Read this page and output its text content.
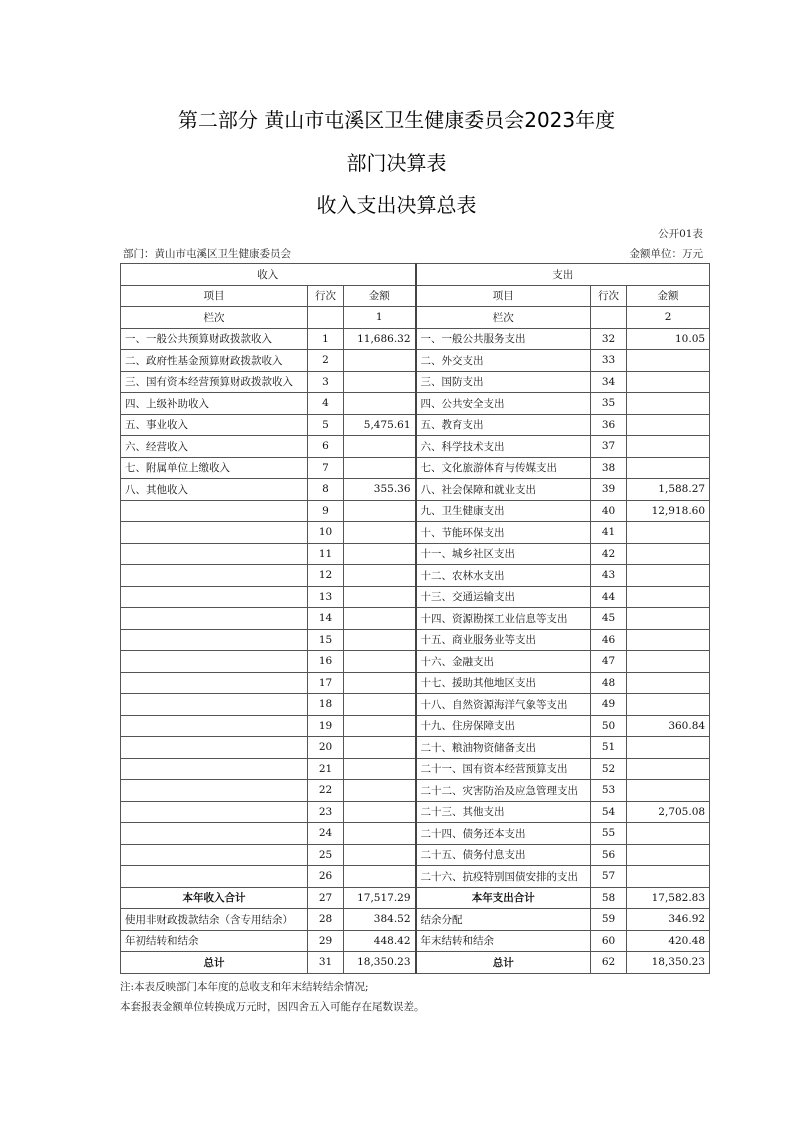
第二部分 黄山市屯溪区卫生健康委员会2023年度
部门决算表
收入支出决算总表
公开01表
部门：黄山市屯溪区卫生健康委员会	金额单位：万元
收入			支出		
项目	行次	金额	项目	行次	金额
栏次		1	栏次		2
一、一般公共预算财政拨款收入	1	11,686.32	一、一般公共服务支出	32	10.05
二、政府性基金预算财政拨款收入	2		二、外交支出	33	
三、国有资本经营预算财政拨款收入	3		三、国防支出	34	
四、上级补助收入	4		四、公共安全支出	35	
五、事业收入	5	5,475.61	五、教育支出	36	
六、经营收入	6		六、科学技术支出	37	
七、附属单位上缴收入	7		七、文化旅游体育与传媒支出	38	
八、其他收入	8	355.36	八、社会保障和就业支出	39	1,588.27
	9		九、卫生健康支出	40	12,918.60
	10		十、节能环保支出	41	
	11		十一、城乡社区支出	42	
	12		十二、农林水支出	43	
	13		十三、交通运输支出	44	
	14		十四、资源勘探工业信息等支出	45	
	15		十五、商业服务业等支出	46	
	16		十六、金融支出	47	
	17		十七、援助其他地区支出	48	
	18		十八、自然资源海洋气象等支出	49	
	19		十九、住房保障支出	50	360.84
	20		二十、粮油物资储备支出	51	
	21		二十一、国有资本经营预算支出	52	
	22		二十二、灾害防治及应急管理支出	53	
	23		二十三、其他支出	54	2,705.08
	24		二十四、债务还本支出	55	
	25		二十五、债务付息支出	56	
	26		二十六、抗疫特别国债安排的支出	57	
本年收入合计	27	17,517.29	本年支出合计	58	17,582.83
使用非财政拨款结余（含专用结余）	28	384.52	结余分配	59	346.92
年初结转和结余	29	448.42	年末结转和结余	60	420.48
总计	31	18,350.23	总计	62	18,350.23
注:本表反映部门本年度的总收支和年末结转结余情况;
本套报表金额单位转换成万元时，因四舍五入可能存在尾数误差。
